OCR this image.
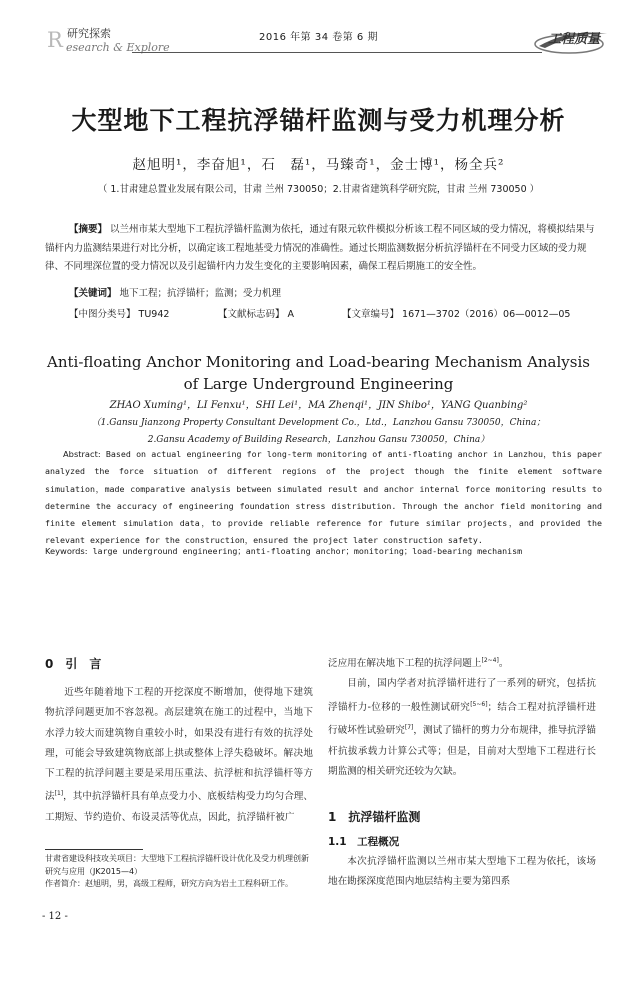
R 研究探索
esearch & Explore
2016 年第 34 卷第 6 期	工程质量
大型地下工程抗浮锚杆监测与受力机理分析
赵旭明¹，李奋旭¹，石　磊¹，马臻奇¹，金士博¹，杨全兵²
（ 1.甘肃建总置业发展有限公司，甘肃 兰州 730050；2.甘肃省建筑科学研究院，甘肃 兰州 730050 ）
【摘要】 以兰州市某大型地下工程抗浮锚杆监测为依托，通过有限元软件模拟分析该工程不同区域的受力情况，将模拟结果与锚杆内力监测结果进行对比分析，以确定该工程地基受力情况的准确性。通过长期监测数据分析抗浮锚杆在不同受力区域的受力规律、不同埋深位置的受力情况以及引起锚杆内力发生变化的主要影响因素，确保工程后期施工的安全性。
【关键词】 地下工程；抗浮锚杆；监测；受力机理
【中图分类号】 TU942	【文献标志码】 A	【文章编号】 1671—3702（2016）06—0012—05
Anti-floating Anchor Monitoring and Load-bearing Mechanism Analysis
of Large Underground Engineering
ZHAO Xuming¹，LI Fenxu¹，SHI Lei¹，MA Zhenqi¹，JIN Shibo¹，YANG Quanbing²
（1.Gansu Jianzong Property Consultant Development Co.，Ltd.，Lanzhou Gansu 730050，China；
2.Gansu Academy of Building Research，Lanzhou Gansu 730050，China）
Abstract: Based on actual engineering for long-term monitoring of anti-floating anchor in Lanzhou，this paper analyzed the force situation of different regions of the project though the finite element software simulation，made comparative analysis between simulated result and anchor internal force monitoring results to determine the accuracy of engineering foundation stress distribution. Through the anchor field monitoring and finite element simulation data，to provide reliable reference for future similar projects，and provided the relevant experience for the construction，ensured the project later construction safety.
Keywords: large underground engineering；anti-floating anchor；monitoring；load-bearing mechanism
0　引　言

近些年随着地下工程的开挖深度不断增加，使得地下建筑物抗浮问题更加不容忽视。高层建筑在施工的过程中，当地下水浮力较大而建筑物自重较小时，如果没有进行有效的抗浮处理，可能会导致建筑物底部上拱或整体上浮失稳破坏。解决地下工程的抗浮问题主要是采用压重法、抗浮桩和抗浮锚杆等方法[1]，其中抗浮锚杆具有单点受力小、底板结构受力均匀合理、工期短、节约造价、布设灵活等优点，因此，抗浮锚杆被广

甘肃省建设科技攻关项目：大型地下工程抗浮锚杆设计优化及受力机理创新研究与应用（JK2015—4）
作者简介：赵旭明，男，高级工程师，研究方向为岩土工程科研工作。
- 12 -

泛应用在解决地下工程的抗浮问题上[2~4]。

目前，国内学者对抗浮锚杆进行了一系列的研究，包括抗浮锚杆力-位移的一般性测试研究[5~6]；结合工程对抗浮锚杆进行破坏性试验研究[7]，测试了锚杆的剪力分布规律，推导抗浮锚杆抗拔承载力计算公式等；但是，目前对大型地下工程进行长期监测的相关研究还较为欠缺。

1　抗浮锚杆监测
1.1　工程概况

本次抗浮锚杆监测以兰州市某大型地下工程为依托，该场地在勘探深度范围内地层结构主要为第四系
